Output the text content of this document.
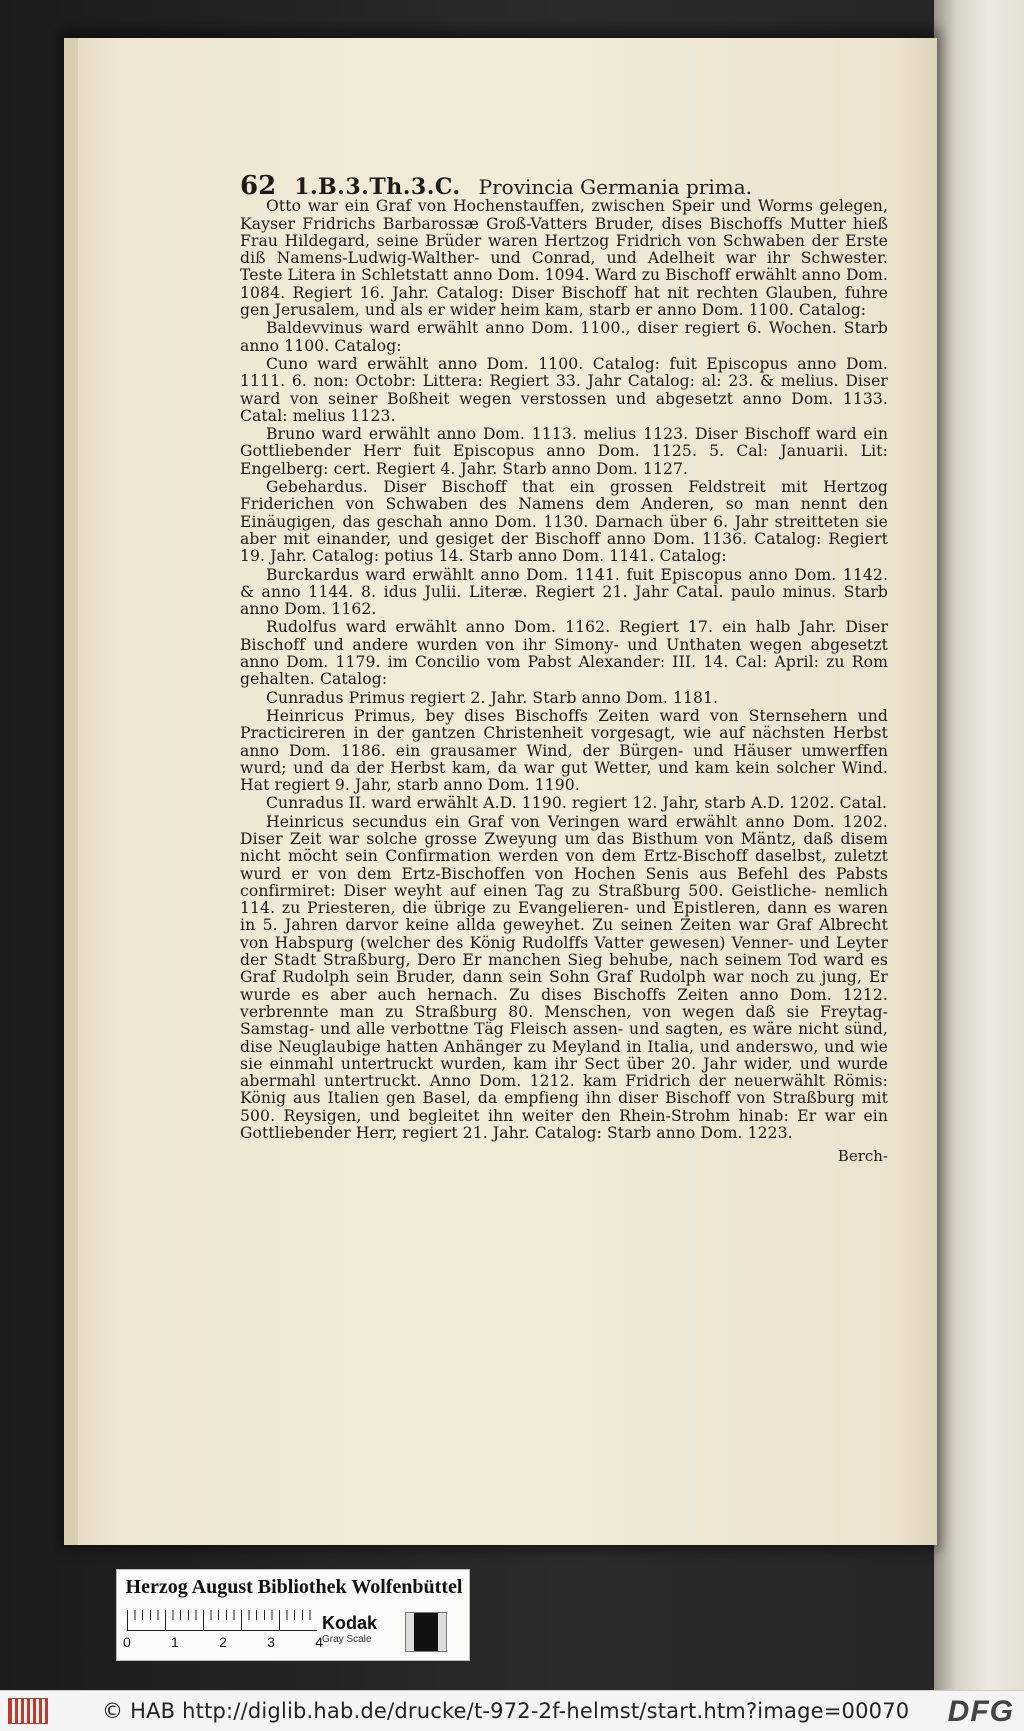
62 1.B.3.Th.3.C. Provincia Germania prima.

Otto war ein Graf von Hochenstauffen, zwischen Speir und Worms gelegen, Kayser Fridrichs Barbarossæ Groß-Vatters Bruder, dises Bischoffs Mutter hieß Frau Hildegard, seine Brüder waren Hertzog Fridrich von Schwaben der Erste diß Namens-Ludwig-Walther- und Conrad, und Adelheit war ihr Schwester. Teste Litera in Schletstatt anno Dom. 1094. Ward zu Bischoff erwählt anno Dom. 1084. Regiert 16. Jahr. Catalog: Diser Bischoff hat nit rechten Glauben, fuhre gen Jerusalem, und als er wider heim kam, starb er anno Dom. 1100. Catalog:

Baldevvinus ward erwählt anno Dom. 1100., diser regiert 6. Wochen. Starb anno 1100. Catalog:

Cuno ward erwählt anno Dom. 1100. Catalog: fuit Episcopus anno Dom. 1111. 6. non: Octobr: Littera: Regiert 33. Jahr Catalog: al: 23. & melius. Diser ward von seiner Boßheit wegen verstossen und abgesetzt anno Dom. 1133. Catal: melius 1123.

Bruno ward erwählt anno Dom. 1113. melius 1123. Diser Bischoff ward ein Gottliebender Herr fuit Episcopus anno Dom. 1125. 5. Cal: Januarii. Lit: Engelberg: cert. Regiert 4. Jahr. Starb anno Dom. 1127.

Gebehardus. Diser Bischoff that ein grossen Feldstreit mit Hertzog Friderichen von Schwaben des Namens dem Anderen, so man nennt den Einäugigen, das geschah anno Dom. 1130. Darnach über 6. Jahr streitteten sie aber mit einander, und gesiget der Bischoff anno Dom. 1136. Catalog: Regiert 19. Jahr. Catalog: potius 14. Starb anno Dom. 1141. Catalog:

Burckardus ward erwählt anno Dom. 1141. fuit Episcopus anno Dom. 1142. & anno 1144. 8. idus Julii. Literæ. Regiert 21. Jahr Catal. paulo minus. Starb anno Dom. 1162.

Rudolfus ward erwählt anno Dom. 1162. Regiert 17. ein halb Jahr. Diser Bischoff und andere wurden von ihr Simony- und Unthaten wegen abgesetzt anno Dom. 1179. im Concilio vom Pabst Alexander: III. 14. Cal: April: zu Rom gehalten. Catalog:

Cunradus Primus regiert 2. Jahr. Starb anno Dom. 1181.

Heinricus Primus, bey dises Bischoffs Zeiten ward von Sternsehern und Practicireren in der gantzen Christenheit vorgesagt, wie auf nächsten Herbst anno Dom. 1186. ein grausamer Wind, der Bürgen- und Häuser umwerffen wurd; und da der Herbst kam, da war gut Wetter, und kam kein solcher Wind. Hat regiert 9. Jahr, starb anno Dom. 1190.

Cunradus II. ward erwählt A.D. 1190. regiert 12. Jahr, starb A.D. 1202. Catal.

Heinricus secundus ein Graf von Veringen ward erwählt anno Dom. 1202. Diser Zeit war solche grosse Zweyung um das Bisthum von Mäntz, daß disem nicht möcht sein Confirmation werden von dem Ertz-Bischoff daselbst, zuletzt wurd er von dem Ertz-Bischoffen von Hochen Senis aus Befehl des Pabsts confirmiret: Diser weyht auf einen Tag zu Straßburg 500. Geistliche- nemlich 114. zu Priesteren, die übrige zu Evangelieren- und Epistleren, dann es waren in 5. Jahren darvor keine allda geweyhet. Zu seinen Zeiten war Graf Albrecht von Habspurg (welcher des König Rudolffs Vatter gewesen) Venner- und Leyter der Stadt Straßburg, Dero Er manchen Sieg behube, nach seinem Tod ward es Graf Rudolph sein Bruder, dann sein Sohn Graf Rudolph war noch zu jung, Er wurde es aber auch hernach. Zu dises Bischoffs Zeiten anno Dom. 1212. verbrennte man zu Straßburg 80. Menschen, von wegen daß sie Freytag- Samstag- und alle verbottne Täg Fleisch assen- und sagten, es wäre nicht sünd, dise Neuglaubige hatten Anhänger zu Meyland in Italia, und anderswo, und wie sie einmahl untertruckt wurden, kam ihr Sect über 20. Jahr wider, und wurde abermahl untertruckt. Anno Dom. 1212. kam Fridrich der neuerwählt Römis: König aus Italien gen Basel, da empfieng ihn diser Bischoff von Straßburg mit 500. Reysigen, und begleitet ihn weiter den Rhein-Strohm hinab: Er war ein Gottliebender Herr, regiert 21. Jahr. Catalog: Starb anno Dom. 1223.

Berch-
Herzog August Bibliothek Wolfenbüttel
0	1	2	3	4
Kodak
Gray Scale
© HAB http://diglib.hab.de/drucke/t-972-2f-helmst/start.htm?image=00070 DFG
